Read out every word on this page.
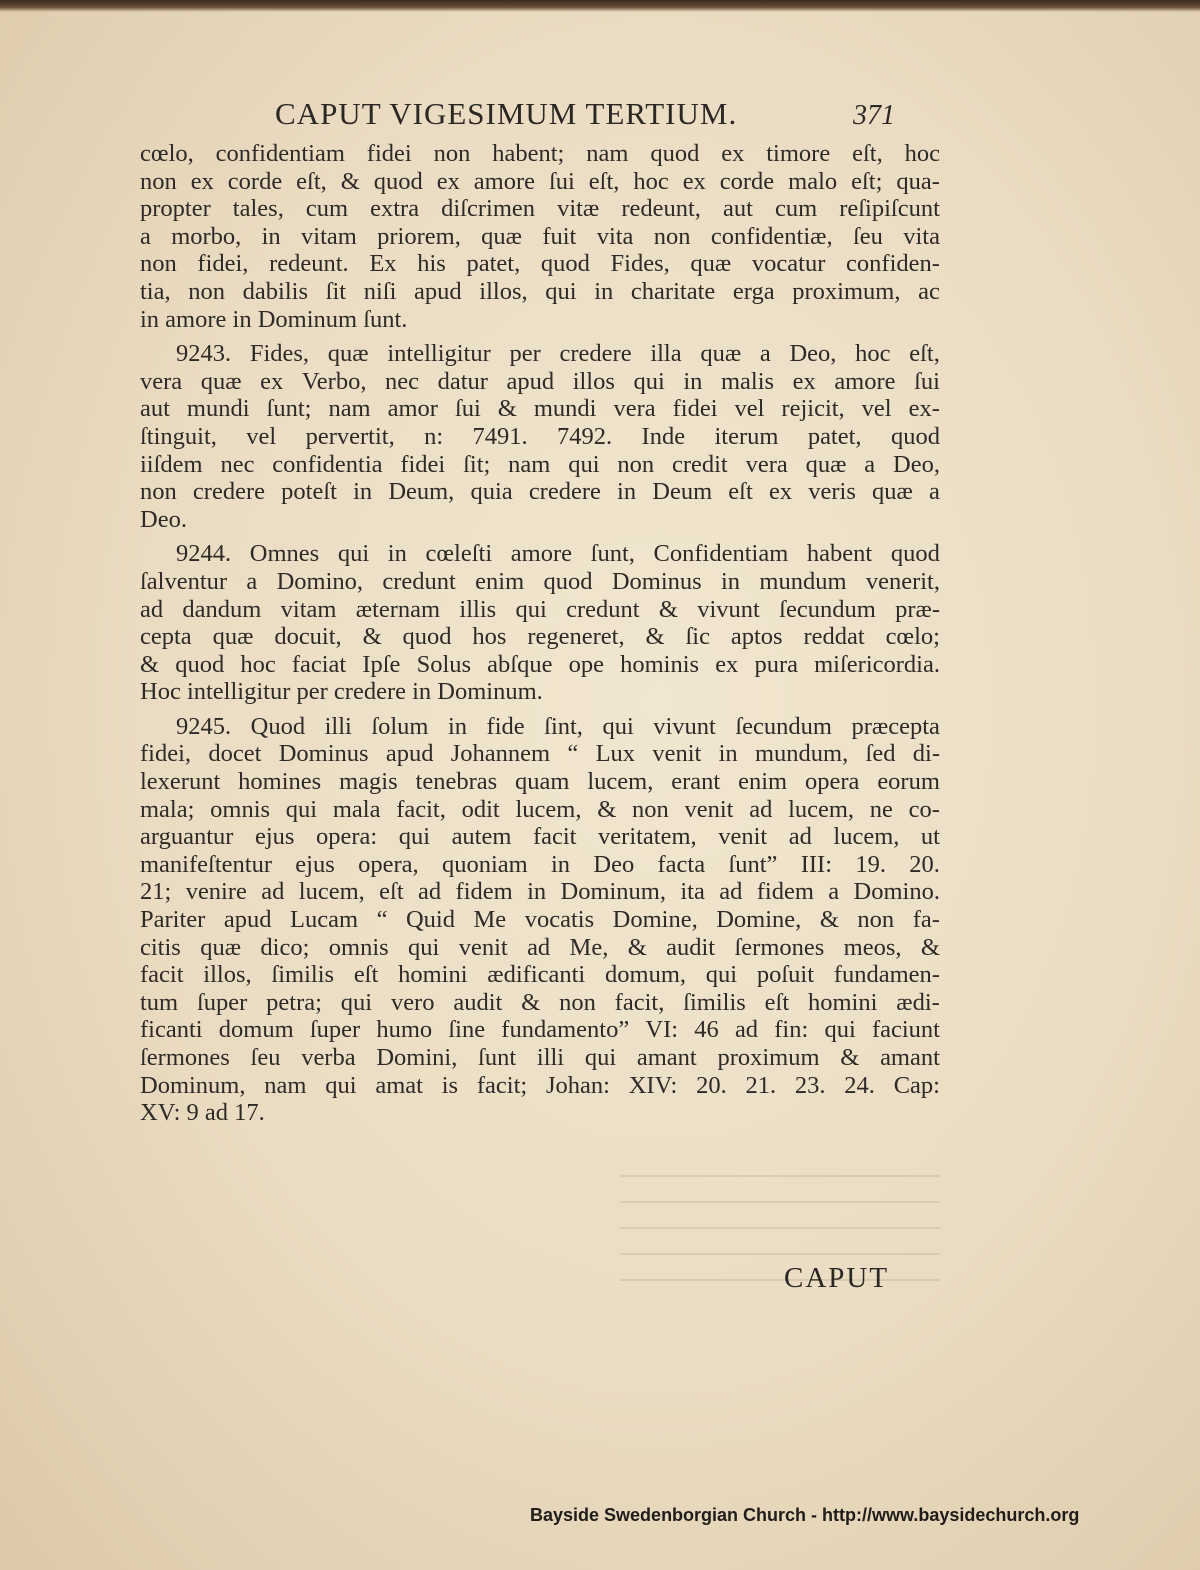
CAPUT VIGESIMUM TERTIUM.	371
cœlo, confidentiam fidei non habent; nam quod ex timore eſt, hoc
non ex corde eſt, & quod ex amore ſui eſt, hoc ex corde malo eſt; qua-
propter tales, cum extra diſcrimen vitæ redeunt, aut cum reſipiſcunt
a morbo, in vitam priorem, quæ fuit vita non confidentiæ, ſeu vita
non fidei, redeunt. Ex his patet, quod Fides, quæ vocatur confiden-
tia, non dabilis ſit niſi apud illos, qui in charitate erga proximum, ac
in amore in Dominum ſunt.
9243. Fides, quæ intelligitur per credere illa quæ a Deo, hoc eſt,
vera quæ ex Verbo, nec datur apud illos qui in malis ex amore ſui
aut mundi ſunt; nam amor ſui & mundi vera fidei vel rejicit, vel ex-
ſtinguit, vel pervertit, n: 7491. 7492. Inde iterum patet, quod
iiſdem nec confidentia fidei ſit; nam qui non credit vera quæ a Deo,
non credere poteſt in Deum, quia credere in Deum eſt ex veris quæ a
Deo.
9244. Omnes qui in cœleſti amore ſunt, Confidentiam habent quod
ſalventur a Domino, credunt enim quod Dominus in mundum venerit,
ad dandum vitam æternam illis qui credunt & vivunt ſecundum præ-
cepta quæ docuit, & quod hos regeneret, & ſic aptos reddat cœlo;
& quod hoc faciat Ipſe Solus abſque ope hominis ex pura miſericordia.
Hoc intelligitur per credere in Dominum.
9245. Quod illi ſolum in fide ſint, qui vivunt ſecundum præcepta
fidei, docet Dominus apud Johannem “ Lux venit in mundum, ſed di-
lexerunt homines magis tenebras quam lucem, erant enim opera eorum
mala; omnis qui mala facit, odit lucem, & non venit ad lucem, ne co-
arguantur ejus opera: qui autem facit veritatem, venit ad lucem, ut
manifeſtentur ejus opera, quoniam in Deo facta ſunt” III: 19. 20.
21; venire ad lucem, eſt ad fidem in Dominum, ita ad fidem a Domino.
Pariter apud Lucam “ Quid Me vocatis Domine, Domine, & non fa-
citis quæ dico; omnis qui venit ad Me, & audit ſermones meos, &
facit illos, ſimilis eſt homini ædificanti domum, qui poſuit fundamen-
tum ſuper petra; qui vero audit & non facit, ſimilis eſt homini ædi-
ficanti domum ſuper humo ſine fundamento” VI: 46 ad fin: qui faciunt
ſermones ſeu verba Domini, ſunt illi qui amant proximum & amant
Dominum, nam qui amat is facit; Johan: XIV: 20. 21. 23. 24. Cap:
XV: 9 ad 17.
CAPUT
Bayside Swedenborgian Church - http://www.baysidechurch.org
